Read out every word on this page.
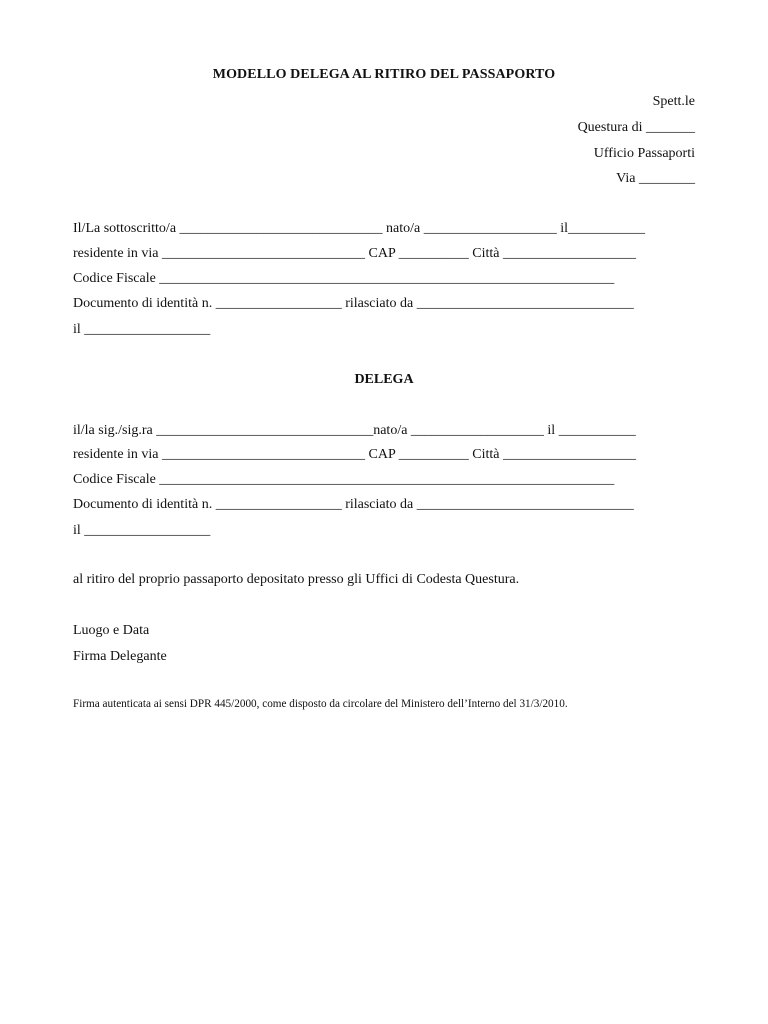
MODELLO DELEGA AL RITIRO DEL PASSAPORTO
Spett.le
Questura di _______
Ufficio Passaporti
Via ________
Il/La sottoscritto/a _____________________________ nato/a ___________________ il___________
residente in via _____________________________ CAP __________ Città ___________________
Codice Fiscale _________________________________________________________________
Documento di identità n. __________________ rilasciato da _______________________________
il __________________
DELEGA
il/la sig./sig.ra _______________________________nato/a ___________________ il ___________
residente in via _____________________________ CAP __________ Città ___________________
Codice Fiscale _________________________________________________________________
Documento di identità n. __________________ rilasciato da _______________________________
il __________________
al ritiro del proprio passaporto depositato presso gli Uffici di Codesta Questura.
Luogo e Data
Firma Delegante
Firma autenticata ai sensi DPR 445/2000, come disposto da circolare del Ministero dell’Interno del 31/3/2010.
